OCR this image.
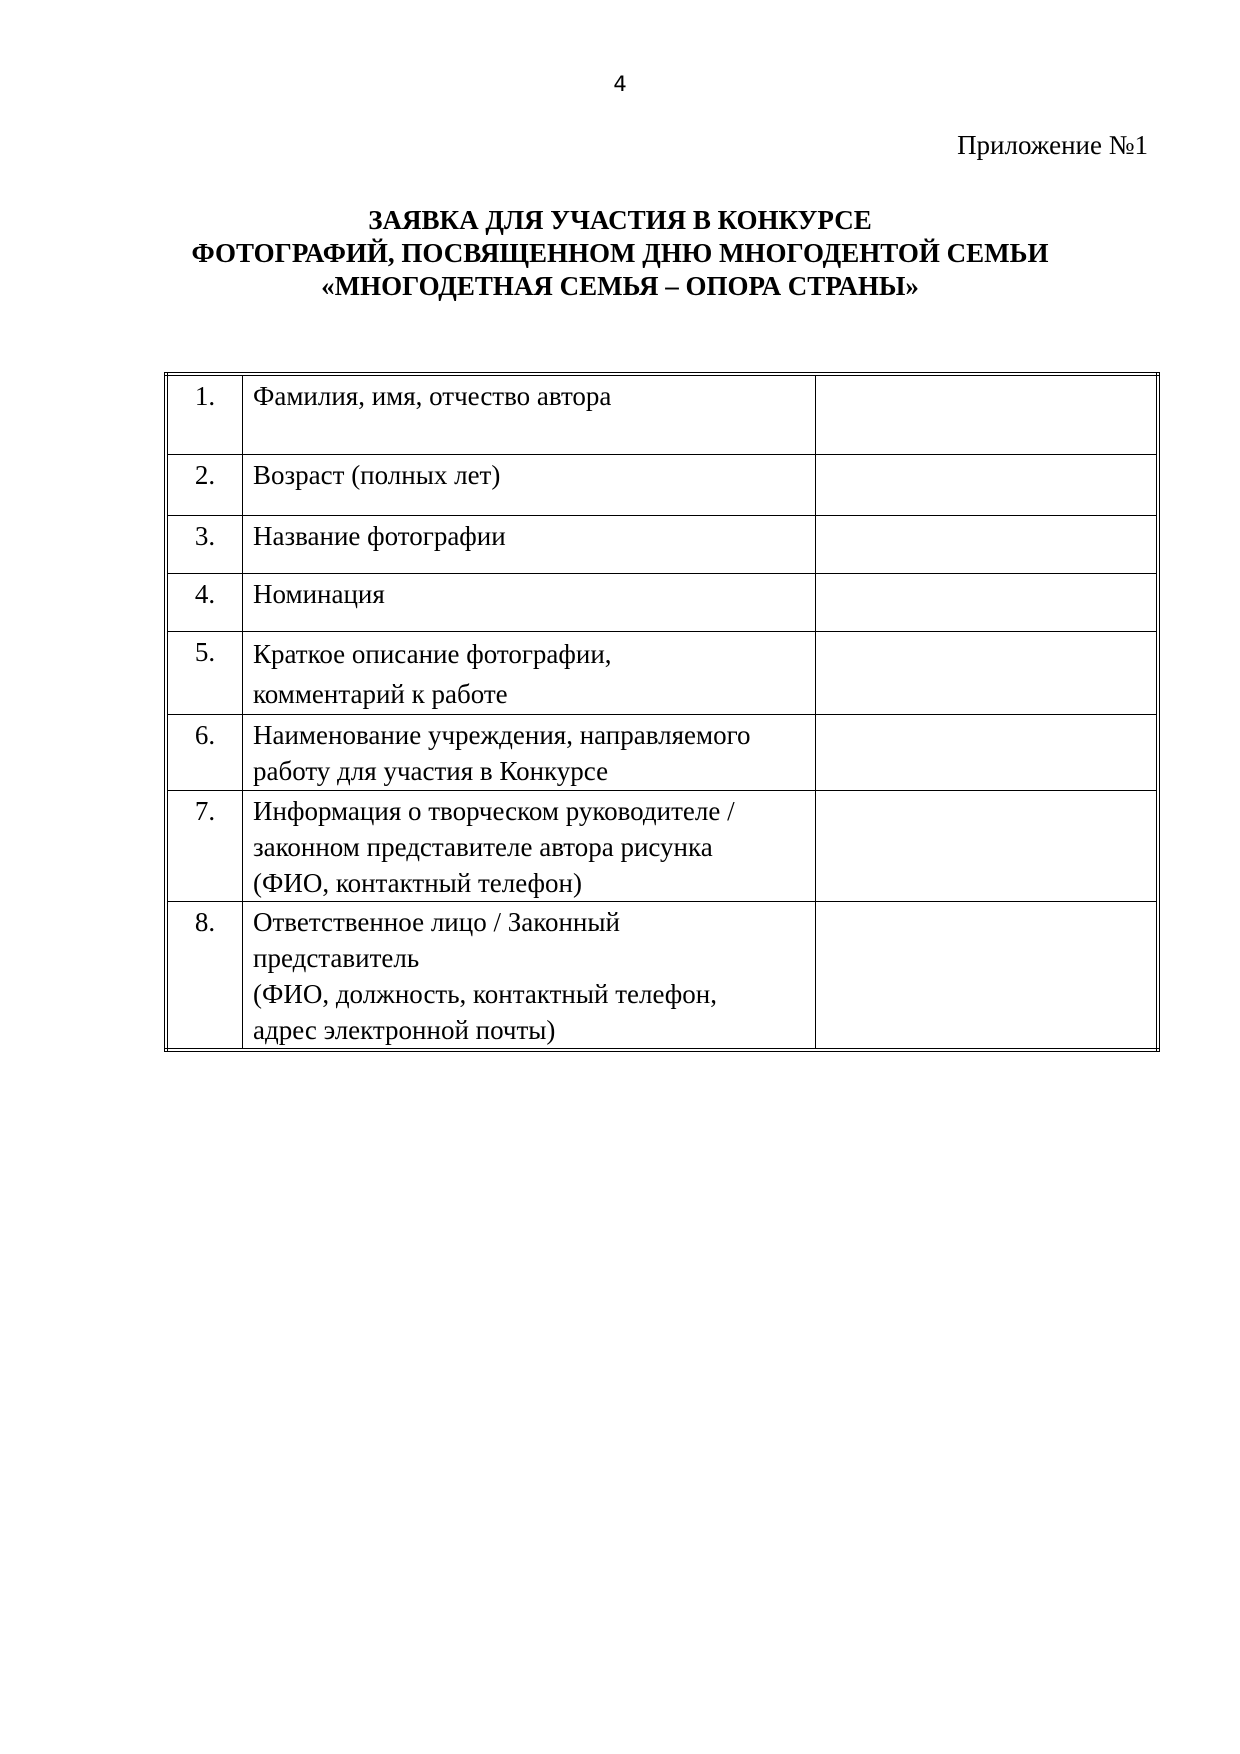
4
Приложение №1
ЗАЯВКА ДЛЯ УЧАСТИЯ В КОНКУРСЕ
ФОТОГРАФИЙ, ПОСВЯЩЕННОМ ДНЮ МНОГОДЕНТОЙ СЕМЬИ
«МНОГОДЕТНАЯ СЕМЬЯ – ОПОРА СТРАНЫ»
1.	Фамилия, имя, отчество автора	

2.	Возраст (полных лет)	

3.	Название фотографии	

4.	Номинация	

5.	Краткое описание фотографии,
комментарий к работе	

6.	Наименование учреждения, направляемого
работу для участия в Конкурсе	

7.	Информация о творческом руководителе /
законном представителе автора рисунка
(ФИО, контактный телефон)	

8.	Ответственное лицо / Законный
представитель
(ФИО, должность, контактный телефон,
адрес электронной почты)	
